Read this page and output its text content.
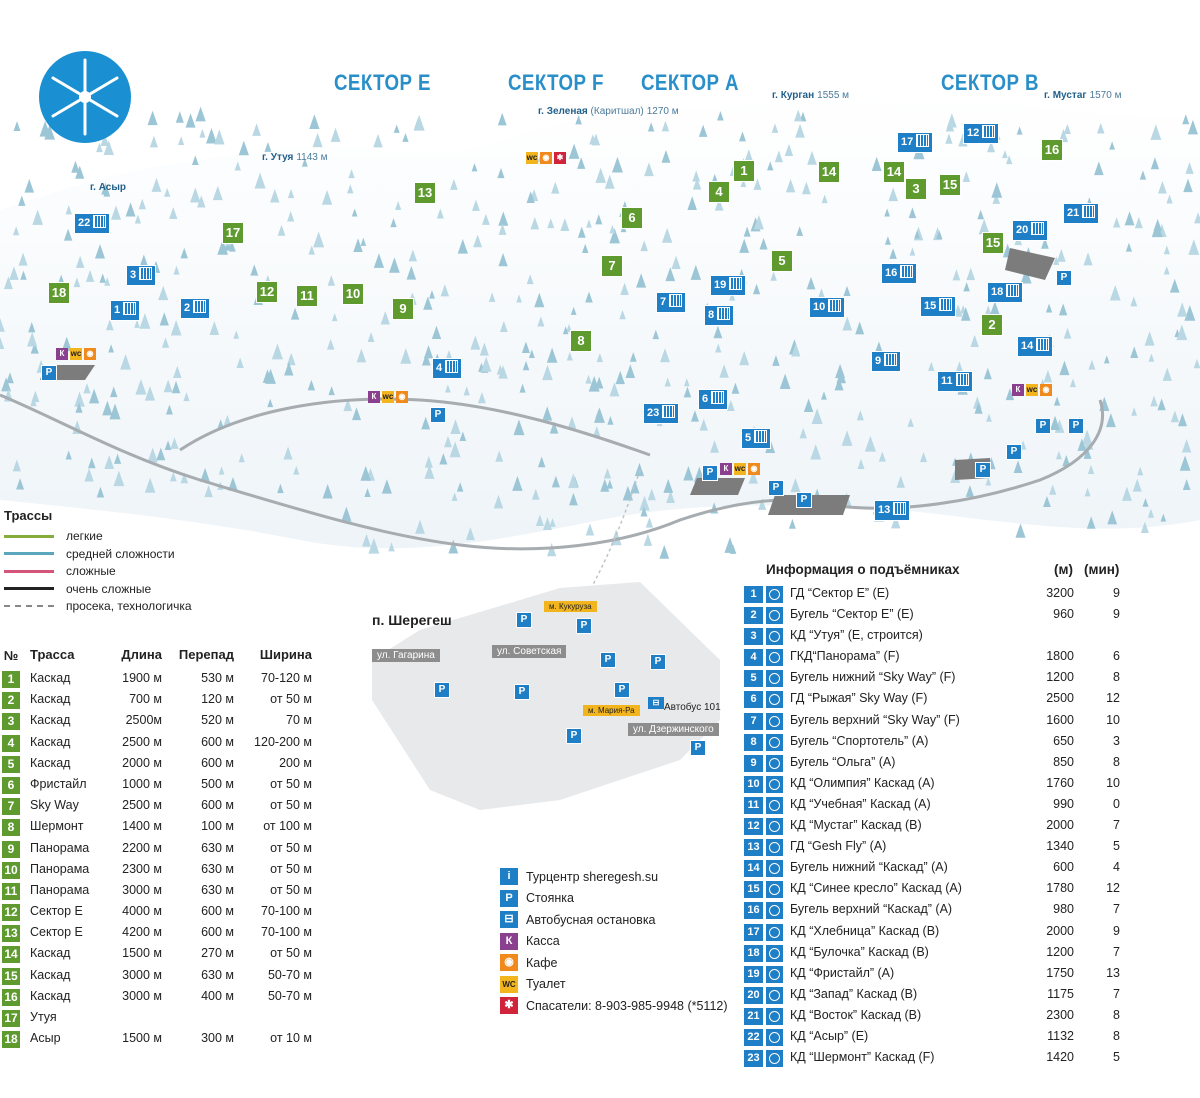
СЕКТОР E	СЕКТОР F СЕКТОР A	СЕКТОР B
г. Асыр
г. Утуя 1143 м
г. Зеленая (Каритшал) 1270 м
г. Курган 1555 м	г. Мустаг 1570 м
1
2
3
4
5
6
7
8
9
10
11
12
13
14	14
15
15
16
17
18
1	2
3
4
5
6
7
8
9
10
11
12
13
14
15
16
17
18
19
20
21
22
23
п. Шерегеш
ул. Гагарина	ул. Советская
ул. Дзержинского
м. Кукуруза
м. Мария-Ра	Автобус 101
P
P
P
P
P
P
P
P
P	P
P
P
P	P
P	P	P
P
P
К wc ◉
wc ◉ ✱
К wc ◉
К wc ◉
К wc ◉
⊟
Трассы
легкие
средней сложности
сложные
очень сложные
просека, технологичка
№ Трасса	Длина	Перепад	Ширина
1	Каскад	1900 м	530 м	70-120 м
2	Каскад	700 м	120 м	от 50 м
3	Каскад	2500м	520 м	70 м
4	Каскад	2500 м	600 м	120-200 м
5	Каскад	2000 м	600 м	200 м
6	Фристайл	1000 м	500 м	от 50 м
7	Sky Way	2500 м	600 м	от 50 м
8	Шермонт	1400 м	100 м	от 100 м
9	Панорама	2200 м	630 м	от 50 м
10 Панорама	2300 м	630 м	от 50 м
11 Панорама	3000 м	630 м	от 50 м
12 Сектор E	4000 м	600 м	70-100 м
13 Сектор E	4200 м	600 м	70-100 м
14 Каскад	1500 м	270 м	от 50 м
15 Каскад	3000 м	630 м	50-70 м
16 Каскад	3000 м	400 м	50-70 м
17 Утуя
18 Асыр	1500 м	300 м	от 10 м
Информация о подъёмниках	(м) (мин)
1	ГД “Сектор Е” (Е)	3200	9
2	Бугель “Сектор Е” (Е)	960	9
3	КД “Утуя” (Е, строится)
4	ГКД“Панорама” (F)	1800	6
5	Бугель нижний “Sky Way” (F)	1200	8
6	ГД “Рыжая” Sky Way (F)	2500	12
7	Бугель верхний “Sky Way” (F)	1600	10
8	Бугель “Спортотель” (А)	650	3
9	Бугель “Ольга” (А)	850	8
10 КД “Олимпия” Каскад (А)	1760	10
11 КД “Учебная” Каскад (А)	990	0
12 КД “Мустаг” Каскад (В)	2000	7
13 ГД “Gesh Fly” (А)	1340	5
14 Бугель нижний “Каскад” (А)	600	4
15 КД “Синее кресло” Каскад (А)	1780	12
16 Бугель верхний “Каскад” (А)	980	7
17 КД “Хлебница” Каскад (В)	2000	9
18 КД “Булочка” Каскад (В)	1200	7
19 КД “Фристайл” (А)	1750	13
20 КД “Запад” Каскад (В)	1175	7
21 КД “Восток” Каскад (В)	2300	8
22 КД “Асыр” (Е)	1132	8
23 КД “Шермонт” Каскад (F)	1420	5
i	Турцентр sheregesh.su
P	Стоянка
⊟ Автобусная остановка
К	Касса
◉ Кафе
WC Туалет
✱ Спасатели: 8-903-985-9948 (*5112)
